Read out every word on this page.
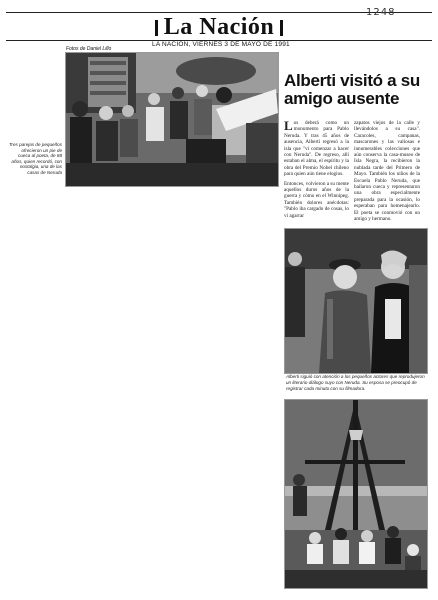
La Nación
1248
LA NACION, VIERNES 3 DE MAYO DE 1991
Fotos de Daniel Lillo
Tres parejas de pequeños ofrecieron un pie de cueca al poeta, de 88 años, quien recordó, con nostalgia, una de las casas de Neruda
Alberti visitó a su amigo ausente
Los deberá como un monumento para Pablo Neruda. Y tras 45 años de ausencia, Alberti regresó a la isla que "vi comenzar a hacer con Neruda". De regreso, allí estaban el alma, el espíritu y la obra del Premio Nobel chileno para quien aún tiene elogios.
Entonces, volvieron a su mente aquellos duros años de la guerra y cómo en el Winnipeg. También dolores anécdotas: "Pablo iba cargado de cosas, lo vi agarrar
zapatos viejos de la calle y llevándolos a su casa". Caracoles, campanas, mascarones y las valiosas e innumerables colecciones que aún conserva la casa-museo de Isla Negra, la recibieron la nublada tarde del Primero de Mayo. También los niños de la Escuela Pablo Neruda, que bailaron cueca y representaron una obra especialmente preparada para la ocasión, lo esperaban para homenajearlo. El poeta se conmovió con un amigo y hermano.
Alberti siguió con atención a los pequeños actores que reprodujeron un literario diálogo suyo con Neruda. Su esposa se preocupó de registrar cada minuto con su filmadora.
